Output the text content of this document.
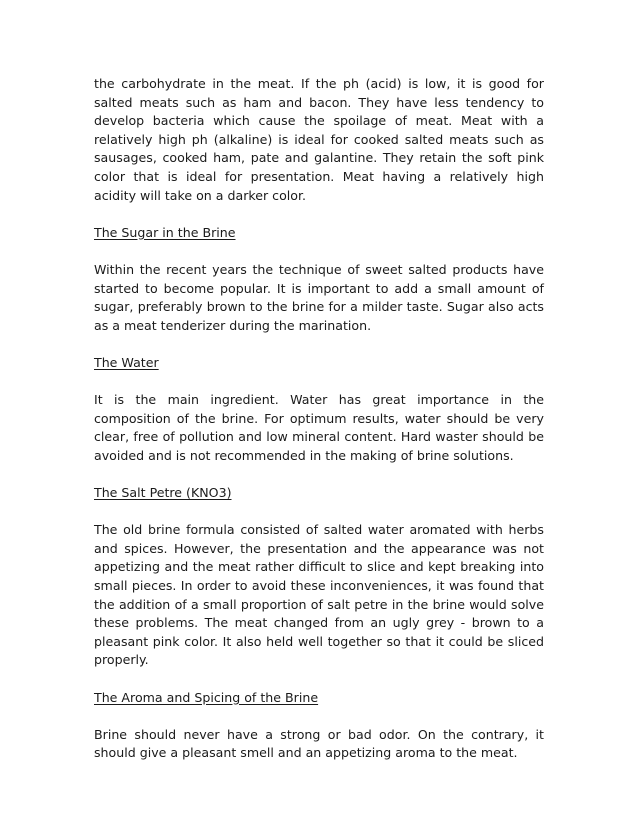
the carbohydrate in the meat. If the ph (acid) is low, it is good for salted meats such as ham and bacon. They have less tendency to develop bacteria which cause the spoilage of meat. Meat with a relatively high ph (alkaline) is ideal for cooked salted meats such as sausages, cooked ham, pate and galantine. They retain the soft pink color that is ideal for presentation. Meat having a relatively high acidity will take on a darker color.

The Sugar in the Brine

Within the recent years the technique of sweet salted products have started to become popular. It is important to add a small amount of sugar, preferably brown to the brine for a milder taste. Sugar also acts as a meat tenderizer during the marination.

The Water

It is the main ingredient. Water has great importance in the composition of the brine. For optimum results, water should be very clear, free of pollution and low mineral content. Hard waster should be avoided and is not recommended in the making of brine solutions.

The Salt Petre (KNO3)

The old brine formula consisted of salted water aromated with herbs and spices. However, the presentation and the appearance was not appetizing and the meat rather difficult to slice and kept breaking into small pieces. In order to avoid these inconveniences, it was found that the addition of a small proportion of salt petre in the brine would solve these problems. The meat changed from an ugly grey - brown to a pleasant pink color. It also held well together so that it could be sliced properly.

The Aroma and Spicing of the Brine

Brine should never have a strong or bad odor. On the contrary, it should give a pleasant smell and an appetizing aroma to the meat.
